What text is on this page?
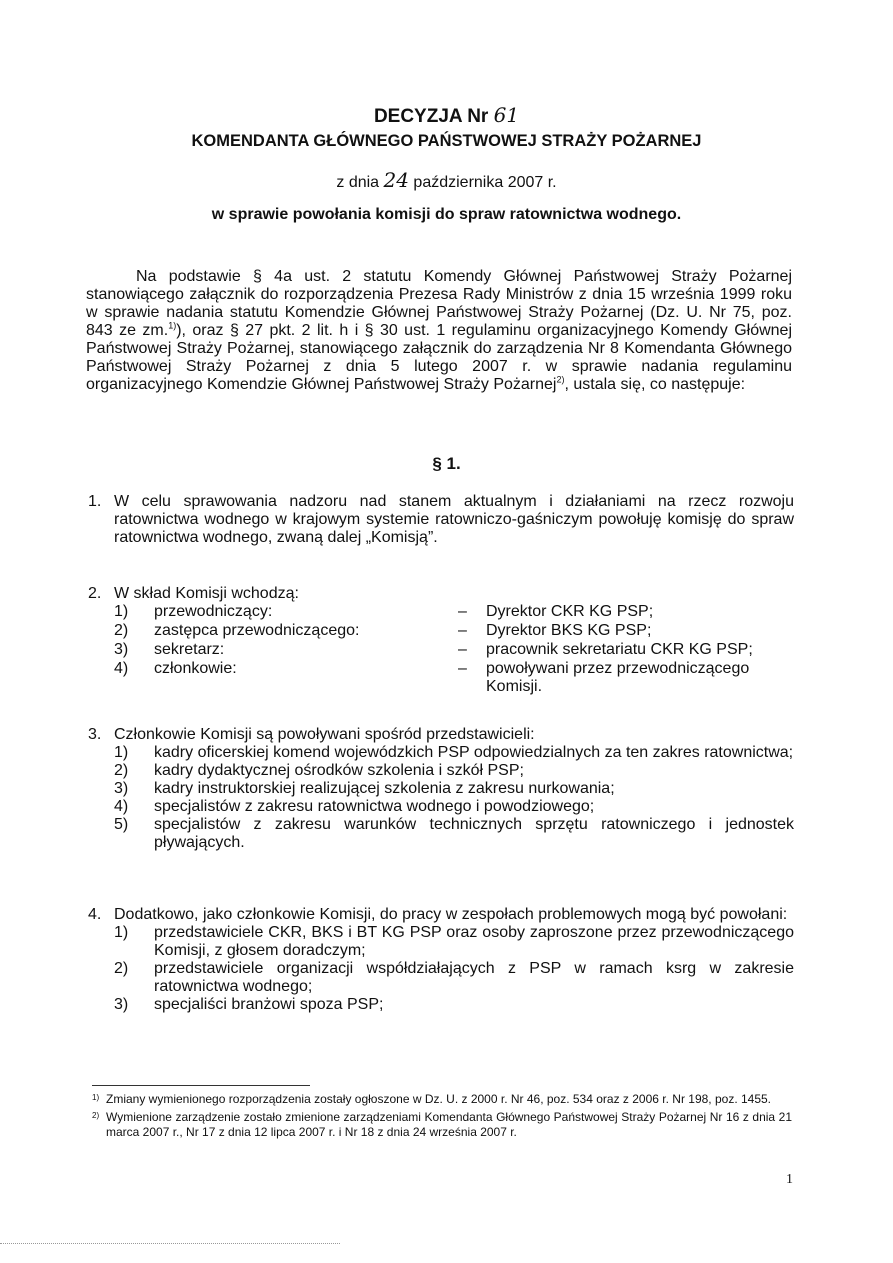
DECYZJA Nr 61
KOMENDANTA GŁÓWNEGO PAŃSTWOWEJ STRAŻY POŻARNEJ
z dnia 24 października 2007 r.
w sprawie powołania komisji do spraw ratownictwa wodnego.
Na podstawie § 4a ust. 2 statutu Komendy Głównej Państwowej Straży Pożarnej stanowiącego załącznik do rozporządzenia Prezesa Rady Ministrów z dnia 15 września 1999 roku w sprawie nadania statutu Komendzie Głównej Państwowej Straży Pożarnej (Dz. U. Nr 75, poz. 843 ze zm.$^{1)}$), oraz § 27 pkt. 2 lit. h i § 30 ust. 1 regulaminu organizacyjnego Komendy Głównej Państwowej Straży Pożarnej, stanowiącego załącznik do zarządzenia Nr 8 Komendanta Głównego Państwowej Straży Pożarnej z dnia 5 lutego 2007 r. w sprawie nadania regulaminu organizacyjnego Komendzie Głównej Państwowej Straży Pożarnej$^{2)}$, ustala się, co następuje:
§ 1.
1. W celu sprawowania nadzoru nad stanem aktualnym i działaniami na rzecz rozwoju ratownictwa wodnego w krajowym systemie ratowniczo-gaśniczym powołuję komisję do spraw ratownictwa wodnego, zwaną dalej „Komisją”.
2. W skład Komisji wchodzą:
1) przewodniczący:	– Dyrektor CKR KG PSP;
2) zastępca przewodniczącego:	– Dyrektor BKS KG PSP;
3) sekretarz:	– pracownik sekretariatu CKR KG PSP;
4) członkowie:	– powoływani przez przewodniczącego Komisji.
3. Członkowie Komisji są powoływani spośród przedstawicieli:
1)	kadry oficerskiej komend wojewódzkich PSP odpowiedzialnych za ten zakres ratownictwa;
2)	kadry dydaktycznej ośrodków szkolenia i szkół PSP;
3)	kadry instruktorskiej realizującej szkolenia z zakresu nurkowania;
4)	specjalistów z zakresu ratownictwa wodnego i powodziowego;
5)	specjalistów z zakresu warunków technicznych sprzętu ratowniczego i jednostek pływających.
4. Dodatkowo, jako członkowie Komisji, do pracy w zespołach problemowych mogą być powołani:
1)	przedstawiciele CKR, BKS i BT KG PSP oraz osoby zaproszone przez przewodniczącego Komisji, z głosem doradczym;
2)	przedstawiciele organizacji współdziałających z PSP w ramach ksrg w zakresie ratownictwa wodnego;
3)	specjaliści branżowi spoza PSP;
1) Zmiany wymienionego rozporządzenia zostały ogłoszone w Dz. U. z 2000 r. Nr 46, poz. 534 oraz z 2006 r. Nr 198, poz. 1455.
2) Wymienione zarządzenie zostało zmienione zarządzeniami Komendanta Głównego Państwowej Straży Pożarnej Nr 16 z dnia 21 marca 2007 r., Nr 17 z dnia 12 lipca 2007 r. i Nr 18 z dnia 24 września 2007 r.
1
